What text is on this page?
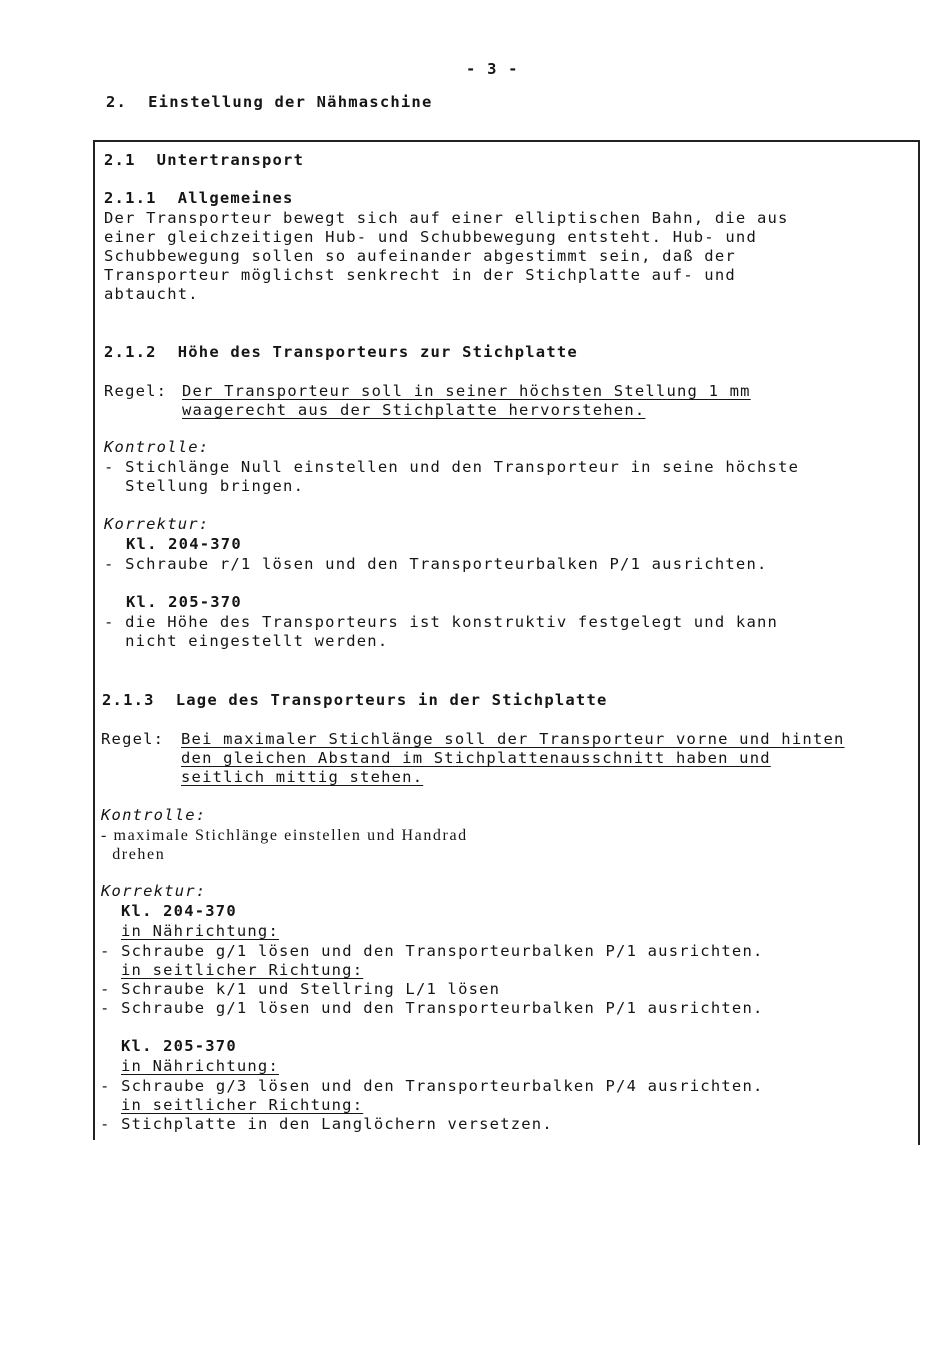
- 3 -
2.  Einstellung der Nähmaschine
2.1  Untertransport
2.1.1  Allgemeines
Der Transporteur bewegt sich auf einer elliptischen Bahn, die aus
einer gleichzeitigen Hub- und Schubbewegung entsteht. Hub- und
Schubbewegung sollen so aufeinander abgestimmt sein, daß der
Transporteur möglichst senkrecht in der Stichplatte auf- und
abtaucht.
2.1.2  Höhe des Transporteurs zur Stichplatte
Regel: Der Transporteur soll in seiner höchsten Stellung 1 mm
waagerecht aus der Stichplatte hervorstehen.
Kontrolle:
- Stichlänge Null einstellen und den Transporteur in seine höchste
Stellung bringen.
Korrektur:
Kl. 204-370
- Schraube r/1 lösen und den Transporteurbalken P/1 ausrichten.
Kl. 205-370
- die Höhe des Transporteurs ist konstruktiv festgelegt und kann
nicht eingestellt werden.
2.1.3  Lage des Transporteurs in der Stichplatte
Regel: Bei maximaler Stichlänge soll der Transporteur vorne und hinten
den gleichen Abstand im Stichplattenausschnitt haben und
seitlich mittig stehen.
Kontrolle:
- maximale Stichlänge einstellen und Handrad
drehen
Korrektur:
Kl. 204-370
in Nährichtung:
- Schraube g/1 lösen und den Transporteurbalken P/1 ausrichten.
in seitlicher Richtung:
- Schraube k/1 und Stellring L/1 lösen
- Schraube g/1 lösen und den Transporteurbalken P/1 ausrichten.
Kl. 205-370
in Nährichtung:
- Schraube g/3 lösen und den Transporteurbalken P/4 ausrichten.
in seitlicher Richtung:
- Stichplatte in den Langlöchern versetzen.
